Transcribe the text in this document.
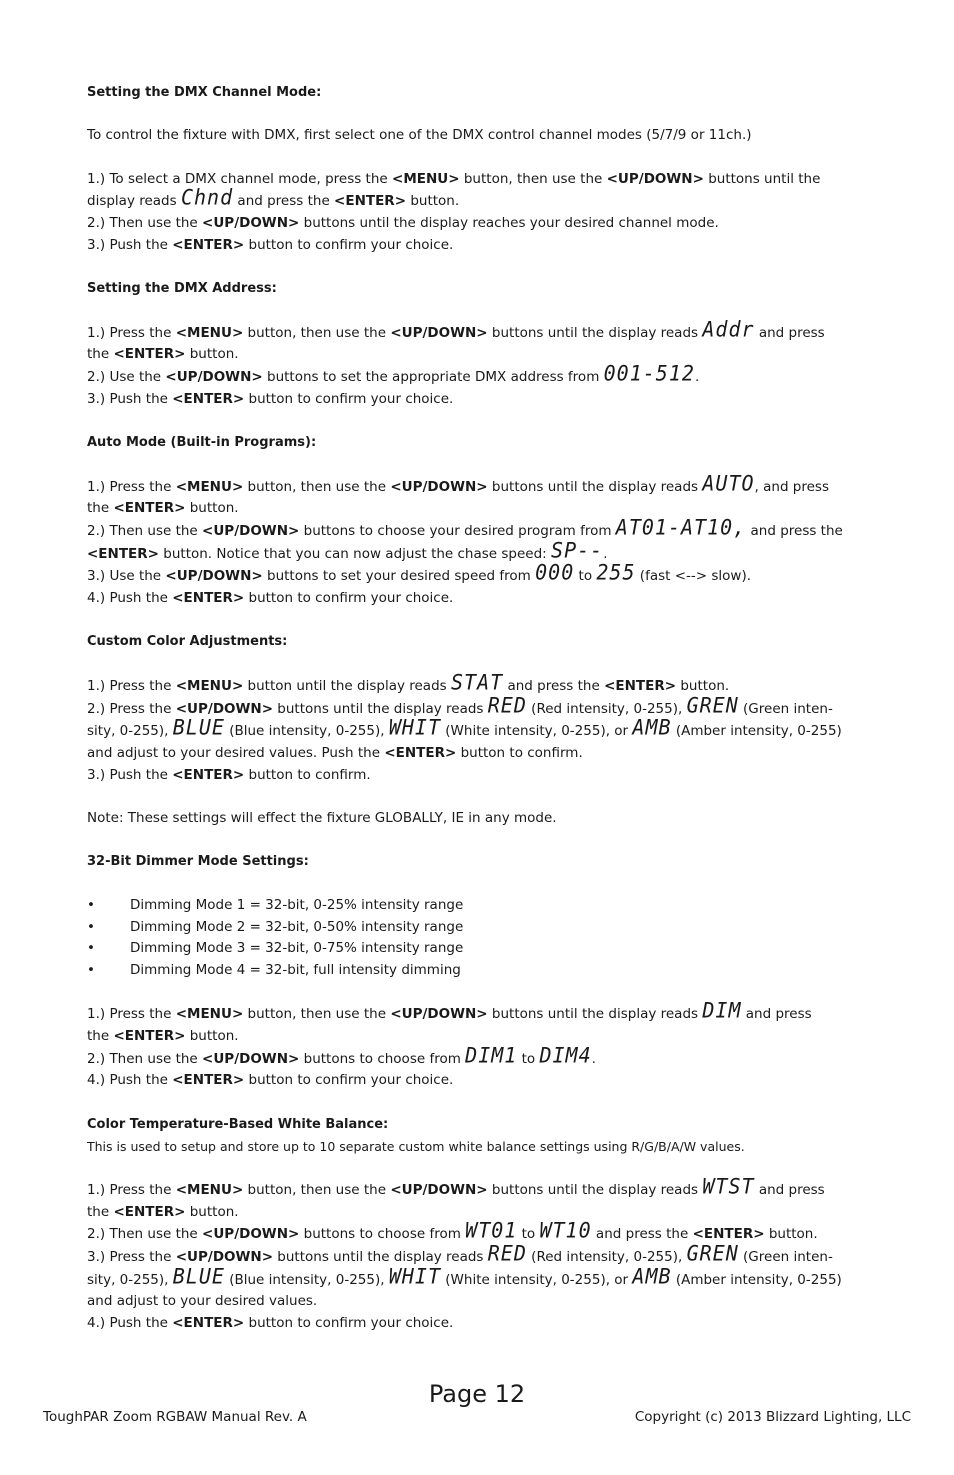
Setting the DMX Channel Mode:

To control the fixture with DMX, first select one of the DMX control channel modes (5/7/9 or 11ch.)

1.) To select a DMX channel mode, press the <MENU> button, then use the <UP/DOWN> buttons until the
display reads Chnd and press the <ENTER> button.

2.) Then use the <UP/DOWN> buttons until the display reaches your desired channel mode.

3.) Push the <ENTER> button to confirm your choice.

Setting the DMX Address:

1.) Press the <MENU> button, then use the <UP/DOWN> buttons until the display reads Addr and press
the <ENTER> button.

2.) Use the <UP/DOWN> buttons to set the appropriate DMX address from 001-512.

3.) Push the <ENTER> button to confirm your choice.

Auto Mode (Built-in Programs):

1.) Press the <MENU> button, then use the <UP/DOWN> buttons until the display reads AUTO, and press
the <ENTER> button.

2.) Then use the <UP/DOWN> buttons to choose your desired program from AT01-AT10, and press the
<ENTER> button. Notice that you can now adjust the chase speed: SP--.

3.) Use the <UP/DOWN> buttons to set your desired speed from 000 to 255 (fast <--> slow).

4.) Push the <ENTER> button to confirm your choice.

Custom Color Adjustments:

1.) Press the <MENU> button until the display reads STAT and press the <ENTER> button.

2.) Press the <UP/DOWN> buttons until the display reads RED (Red intensity, 0-255), GREN (Green inten-
sity, 0-255), BLUE (Blue intensity, 0-255), WHIT (White intensity, 0-255), or AMB (Amber intensity, 0-255)
and adjust to your desired values. Push the <ENTER> button to confirm.

3.) Push the <ENTER> button to confirm.

Note: These settings will effect the fixture GLOBALLY, IE in any mode.

32-Bit Dimmer Mode Settings:

•	Dimming Mode 1 = 32-bit, 0-25% intensity range
•	Dimming Mode 2 = 32-bit, 0-50% intensity range
•	Dimming Mode 3 = 32-bit, 0-75% intensity range
•	Dimming Mode 4 = 32-bit, full intensity dimming

1.) Press the <MENU> button, then use the <UP/DOWN> buttons until the display reads DIM and press
the <ENTER> button.

2.) Then use the <UP/DOWN> buttons to choose from DIM1 to DIM4.

4.) Push the <ENTER> button to confirm your choice.

Color Temperature-Based White Balance:

This is used to setup and store up to 10 separate custom white balance settings using R/G/B/A/W values.

1.) Press the <MENU> button, then use the <UP/DOWN> buttons until the display reads WTST and press
the <ENTER> button.

2.) Then use the <UP/DOWN> buttons to choose from WT01 to WT10 and press the <ENTER> button.

3.) Press the <UP/DOWN> buttons until the display reads RED (Red intensity, 0-255), GREN (Green inten-
sity, 0-255), BLUE (Blue intensity, 0-255), WHIT (White intensity, 0-255), or AMB (Amber intensity, 0-255)
and adjust to your desired values.

4.) Push the <ENTER> button to confirm your choice.

Page 12
ToughPAR Zoom RGBAW Manual Rev. A	Copyright (c) 2013 Blizzard Lighting, LLC
